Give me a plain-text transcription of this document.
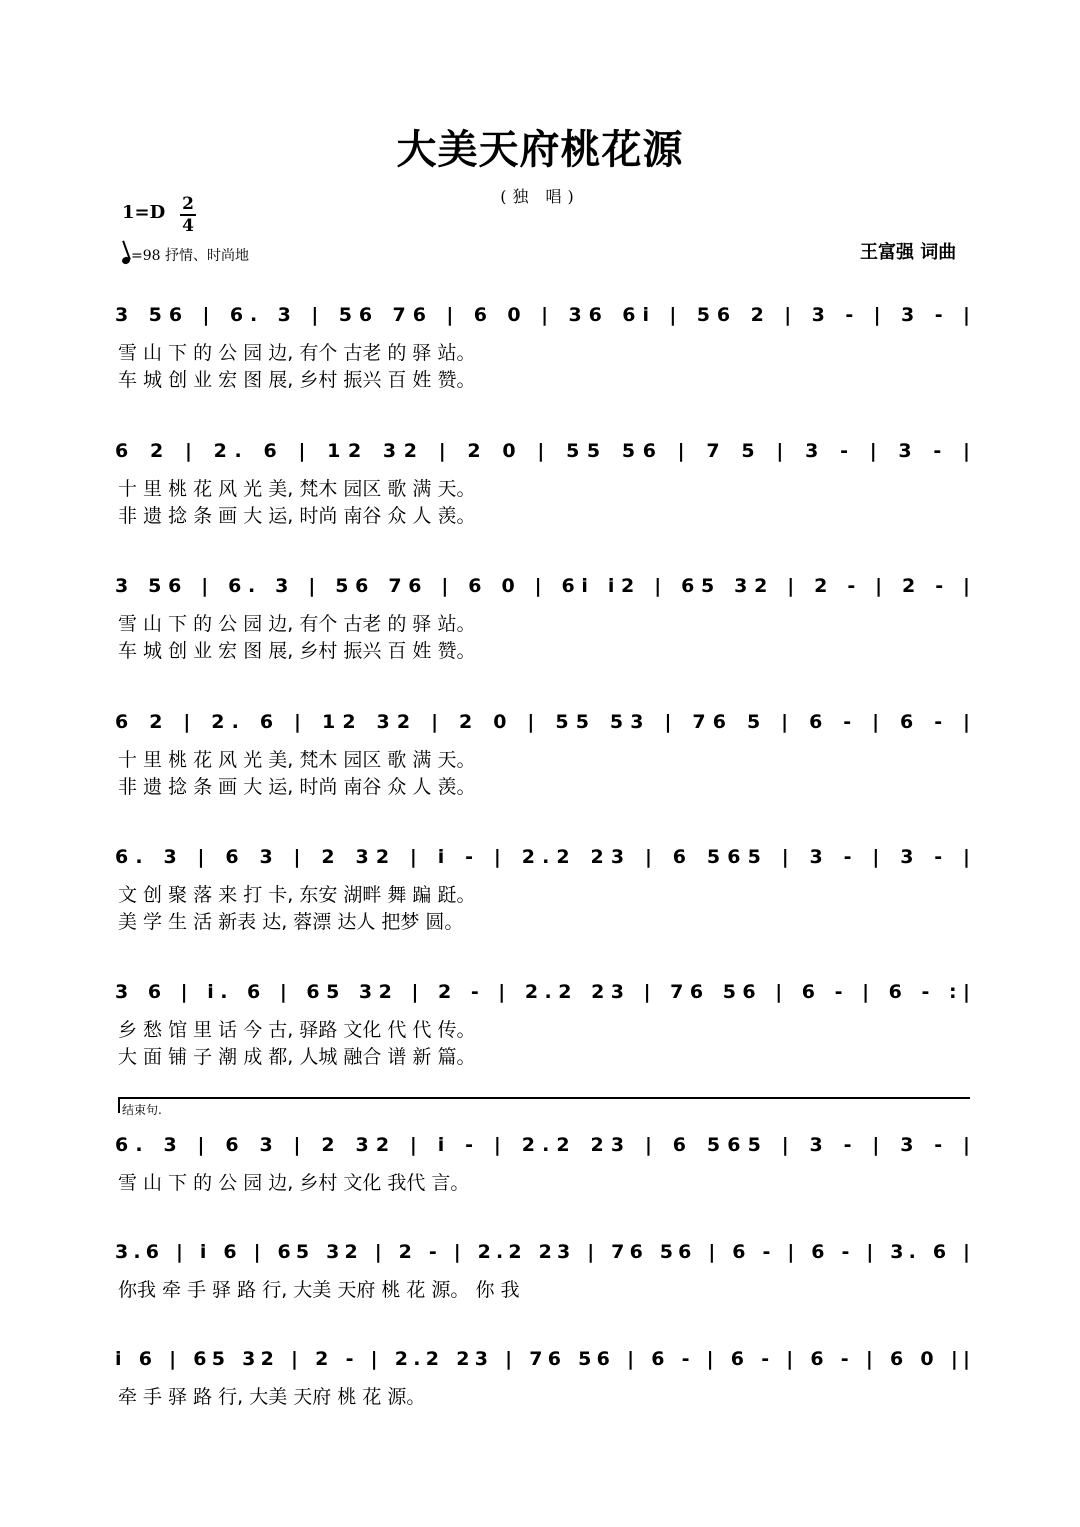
大美天府桃花源
(独 唱)
1=D 2
4
=98 抒情、时尚地	王富强 词曲
结束句.
3 56 | 6. 3 | 56 76 | 6 0 | 36 6i | 56 2 | 3 - | 3 - |
雪 山 下 的 公 园 边, 有个 古老 的 驿 站。
车 城 创 业 宏 图 展, 乡村 振兴 百 姓 赞。
6 2 | 2. 6 | 12 32 | 2 0 | 55 56 | 7 5 | 3 - | 3 - |
十 里 桃 花 风 光 美, 梵木 园区 歌 满 天。
非 遗 捻 条 画 大 运, 时尚 南谷 众 人 羡。
3 56 | 6. 3 | 56 76 | 6 0 | 6i i2 | 65 32 | 2 - | 2 - |
雪 山 下 的 公 园 边, 有个 古老 的 驿 站。
车 城 创 业 宏 图 展, 乡村 振兴 百 姓 赞。
6 2 | 2. 6 | 12 32 | 2 0 | 55 53 | 76 5 | 6 - | 6 - |
十 里 桃 花 风 光 美, 梵木 园区 歌 满 天。
非 遗 捻 条 画 大 运, 时尚 南谷 众 人 羡。
6. 3 | 6 3 | 2 32 | i - | 2.2 23 | 6 565 | 3 - | 3 - |
文 创 聚 落 来 打 卡, 东安 湖畔 舞 蹁 跹。
美 学 生 活 新表 达, 蓉漂 达人 把梦 圆。
3 6 | i. 6 | 65 32 | 2 - | 2.2 23 | 76 56 | 6 - | 6 - :|
乡 愁 馆 里 话 今 古, 驿路 文化 代 代 传。
大 面 铺 子 潮 成 都, 人城 融合 谱 新 篇。
6. 3 | 6 3 | 2 32 | i - | 2.2 23 | 6 565 | 3 - | 3 - |
雪 山 下 的 公 园 边, 乡村 文化 我代 言。
3.6 | i 6 | 65 32 | 2 - | 2.2 23 | 76 56 | 6 - | 6 - | 3. 6 |
你我 牵 手 驿 路 行, 大美 天府 桃 花 源。 你 我
i 6 | 65 32 | 2 - | 2.2 23 | 76 56 | 6 - | 6 - | 6 - | 6 0 ||
牵 手 驿 路 行, 大美 天府 桃 花 源。
